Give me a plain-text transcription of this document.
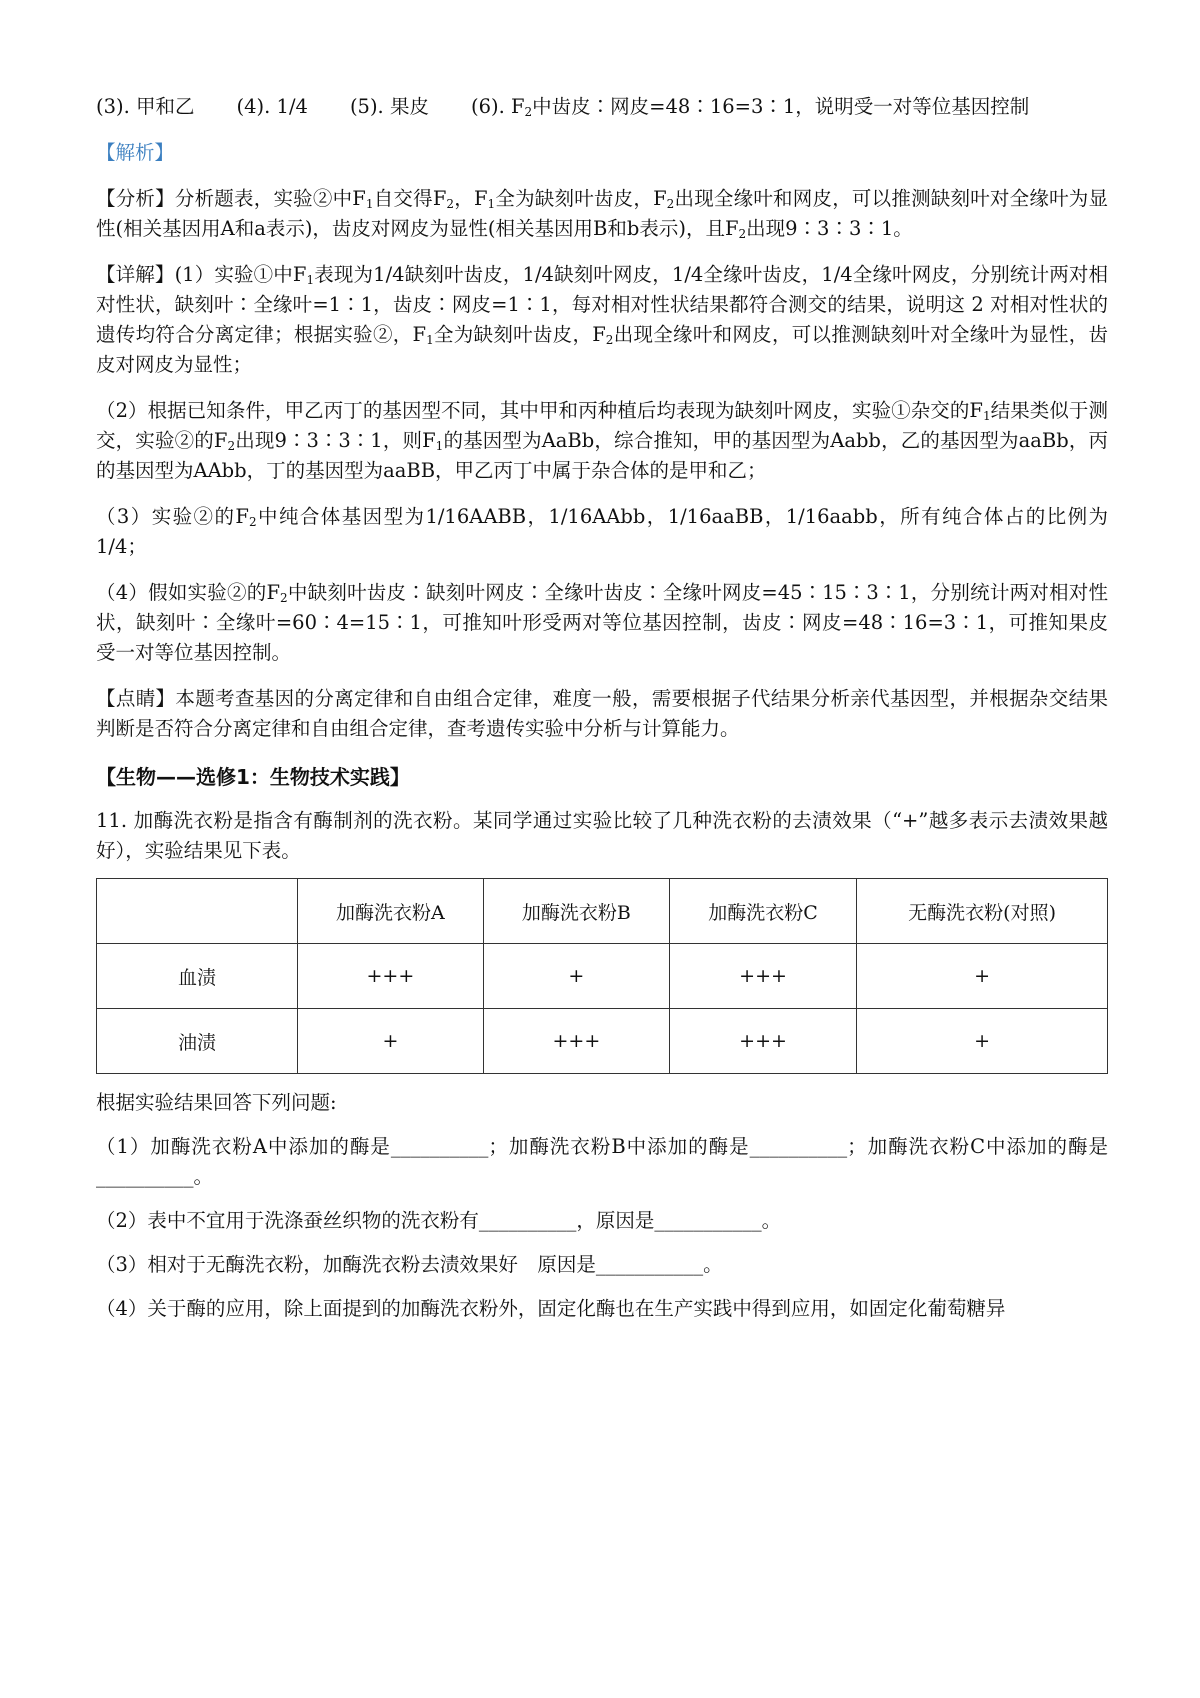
(3). 甲和乙 (4). 1/4 (5). 果皮 (6). $F_2$中齿皮∶网皮=48∶16=3∶1，说明受一对等位基因控制

【解析】

【分析】分析题表，实验②中$F_1$自交得$F_2$，$F_1$全为缺刻叶齿皮，$F_2$出现全缘叶和网皮，可以推测缺刻叶对全缘叶为显性(相关基因用A和a表示)，齿皮对网皮为显性(相关基因用B和b表示)，且$F_2$出现9∶3∶3∶1。

【详解】(1）实验①中$F_1$表现为1/4缺刻叶齿皮，1/4缺刻叶网皮，1/4全缘叶齿皮，1/4全缘叶网皮，分别统计两对相对性状，缺刻叶∶全缘叶=1∶1，齿皮∶网皮=1∶1，每对相对性状结果都符合测交的结果，说明这 2 对相对性状的遗传均符合分离定律；根据实验②，$F_1$全为缺刻叶齿皮，$F_2$出现全缘叶和网皮，可以推测缺刻叶对全缘叶为显性，齿皮对网皮为显性；

（2）根据已知条件，甲乙丙丁的基因型不同，其中甲和丙种植后均表现为缺刻叶网皮，实验①杂交的$F_1$结果类似于测交，实验②的$F_2$出现9∶3∶3∶1，则$F_1$的基因型为AaBb，综合推知，甲的基因型为Aabb，乙的基因型为aaBb，丙的基因型为AAbb，丁的基因型为aaBB，甲乙丙丁中属于杂合体的是甲和乙；

（3）实验②的$F_2$中纯合体基因型为1/16AABB，1/16AAbb，1/16aaBB，1/16aabb，所有纯合体占的比例为1/4；

（4）假如实验②的$F_2$中缺刻叶齿皮∶缺刻叶网皮∶全缘叶齿皮∶全缘叶网皮=45∶15∶3∶1，分别统计两对相对性状，缺刻叶∶全缘叶=60∶4=15∶1，可推知叶形受两对等位基因控制，齿皮∶网皮=48∶16=3∶1，可推知果皮受一对等位基因控制。

【点睛】本题考查基因的分离定律和自由组合定律，难度一般，需要根据子代结果分析亲代基因型，并根据杂交结果判断是否符合分离定律和自由组合定律，查考遗传实验中分析与计算能力。

【生物——选修1：生物技术实践】

11. 加酶洗衣粉是指含有酶制剂的洗衣粉。某同学通过实验比较了几种洗衣粉的去渍效果（“+”越多表示去渍效果越好），实验结果见下表。

	加酶洗衣粉A	加酶洗衣粉B	加酶洗衣粉C	无酶洗衣粉(对照)
血渍	+++	+	+++	+
油渍	+	+++	+++	+

根据实验结果回答下列问题:

（1）加酶洗衣粉A中添加的酶是__________；加酶洗衣粉B中添加的酶是__________；加酶洗衣粉C中添加的酶是__________。

（2）表中不宜用于洗涤蚕丝织物的洗衣粉有__________，原因是___________。

（3）相对于无酶洗衣粉，加酶洗衣粉去渍效果好　原因是___________。

（4）关于酶的应用，除上面提到的加酶洗衣粉外，固定化酶也在生产实践中得到应用，如固定化葡萄糖异
